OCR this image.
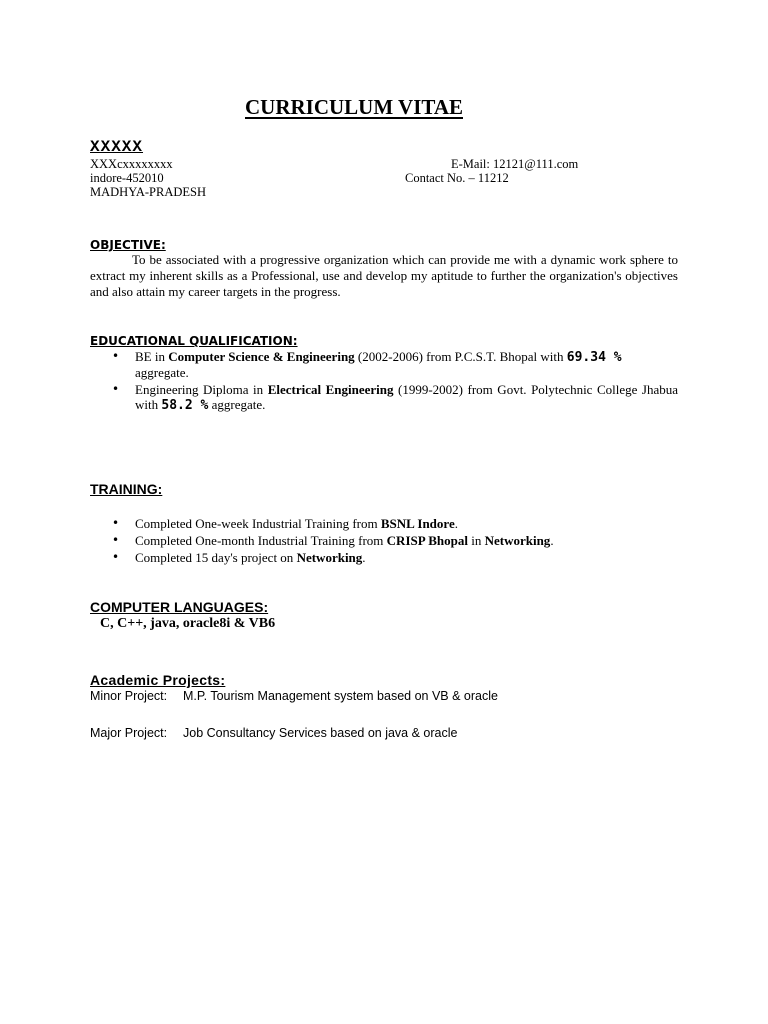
CURRICULUM VITAE
XXXXX
XXXcxxxxxxxx
indore-452010
MADHYA-PRADESH
E-Mail: 12121@111.com
Contact No. – 11212
OBJECTIVE:
To be associated with a progressive organization which can provide me with a dynamic work sphere to extract my inherent skills as a Professional, use and develop my aptitude to further the organization's objectives and also attain my career targets in the progress.
EDUCATIONAL QUALIFICATION:
• BE in Computer Science & Engineering (2002-2006) from P.C.S.T. Bhopal with 69.34 %
aggregate.
• Engineering Diploma in Electrical Engineering (1999-2002) from Govt. Polytechnic College Jhabua with 58.2 % aggregate.
TRAINING:
• Completed One-week Industrial Training from BSNL Indore.
• Completed One-month Industrial Training from CRISP Bhopal in Networking.
• Completed 15 day's project on Networking.
COMPUTER LANGUAGES:
C, C++, java, oracle8i & VB6
Academic Projects:
Minor Project: M.P. Tourism Management system based on VB & oracle
Major Project: Job Consultancy Services based on java & oracle
